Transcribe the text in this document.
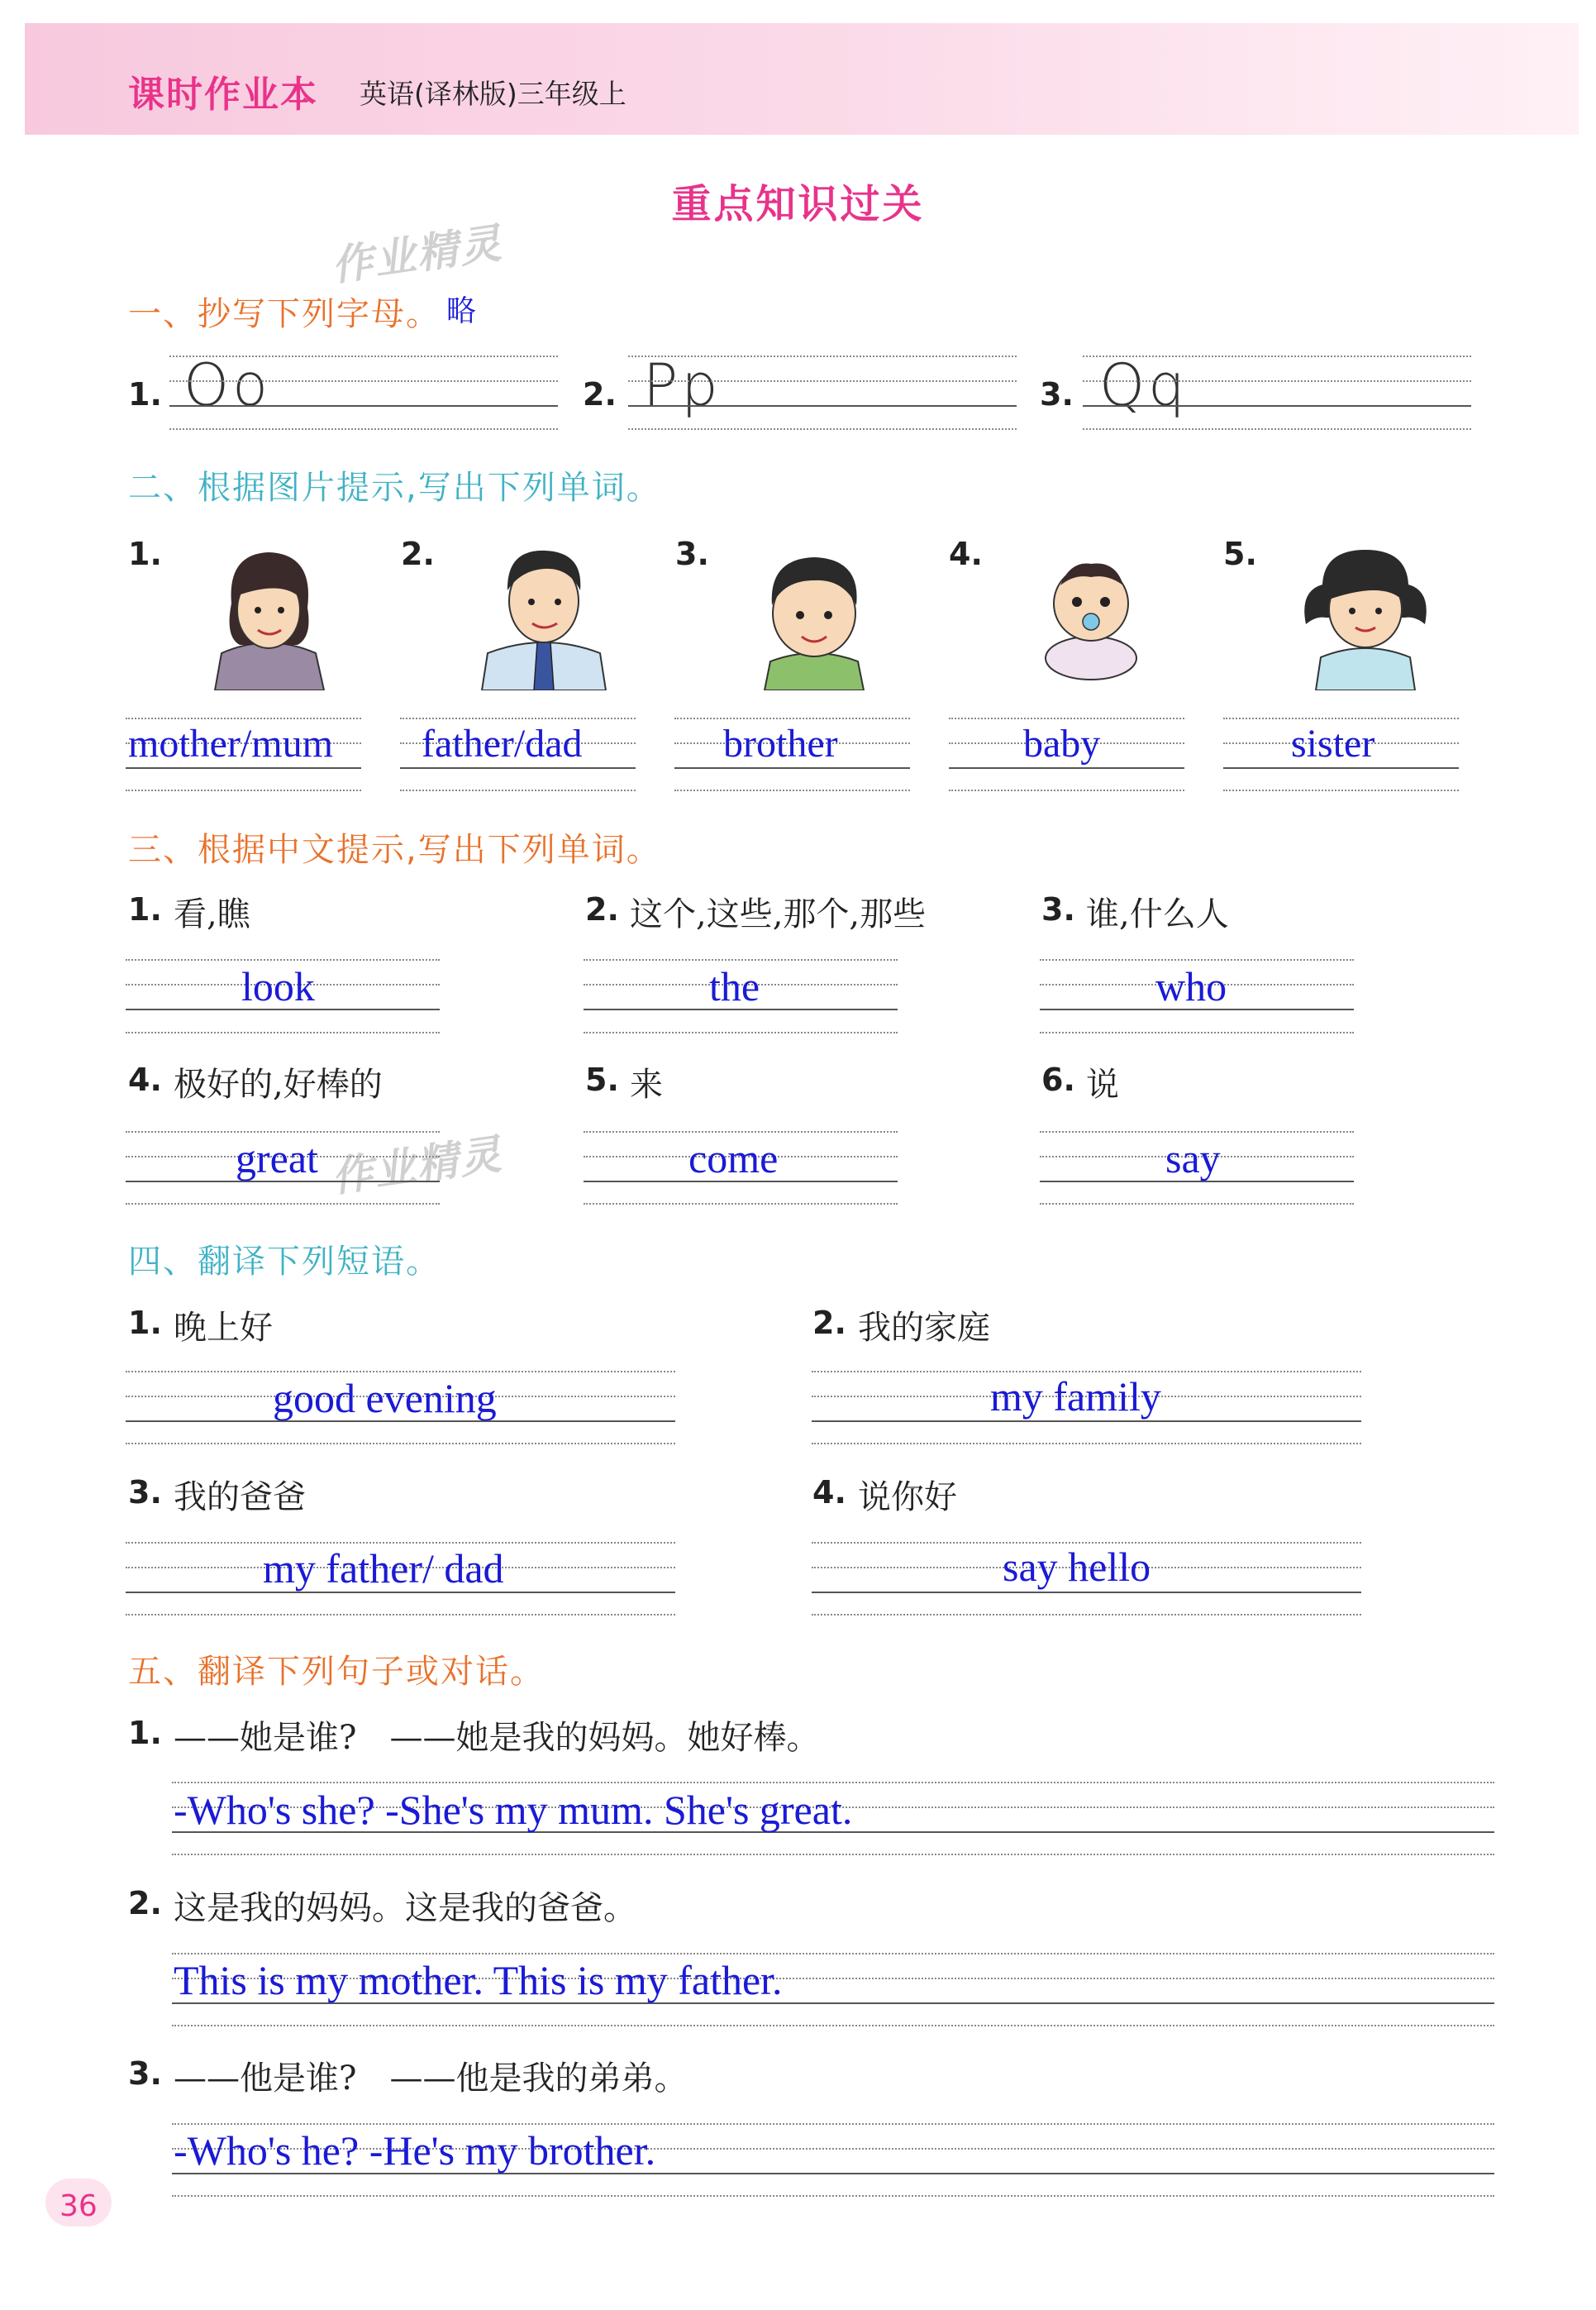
课时作业本 英语(译林版)三年级上
重点知识过关
作业精灵
作业精灵
一、抄写下列字母。 略
1. Oo	2. Pp	3. Qq
二、根据图片提示,写出下列单词。
1.	2.	3.	4.	5.
mother/mum father/dad	brother	baby	sister
三、根据中文提示,写出下列单词。
1. 看,瞧
look
2. 这个,这些,那个,那些
the
3. 谁,什么人
who
4. 极好的,好棒的
great
5. 来
come
6. 说
say
四、翻译下列短语。
1. 晚上好
good evening
2. 我的家庭
my family
3. 我的爸爸
my father/ dad
4. 说你好
say hello
五、翻译下列句子或对话。
1. ——她是谁?　——她是我的妈妈。她好棒。
-Who's she? -She's my mum. She's great.
2. 这是我的妈妈。这是我的爸爸。
This is my mother. This is my father.
3. ——他是谁?　——他是我的弟弟。
-Who's he? -He's my brother.
36
